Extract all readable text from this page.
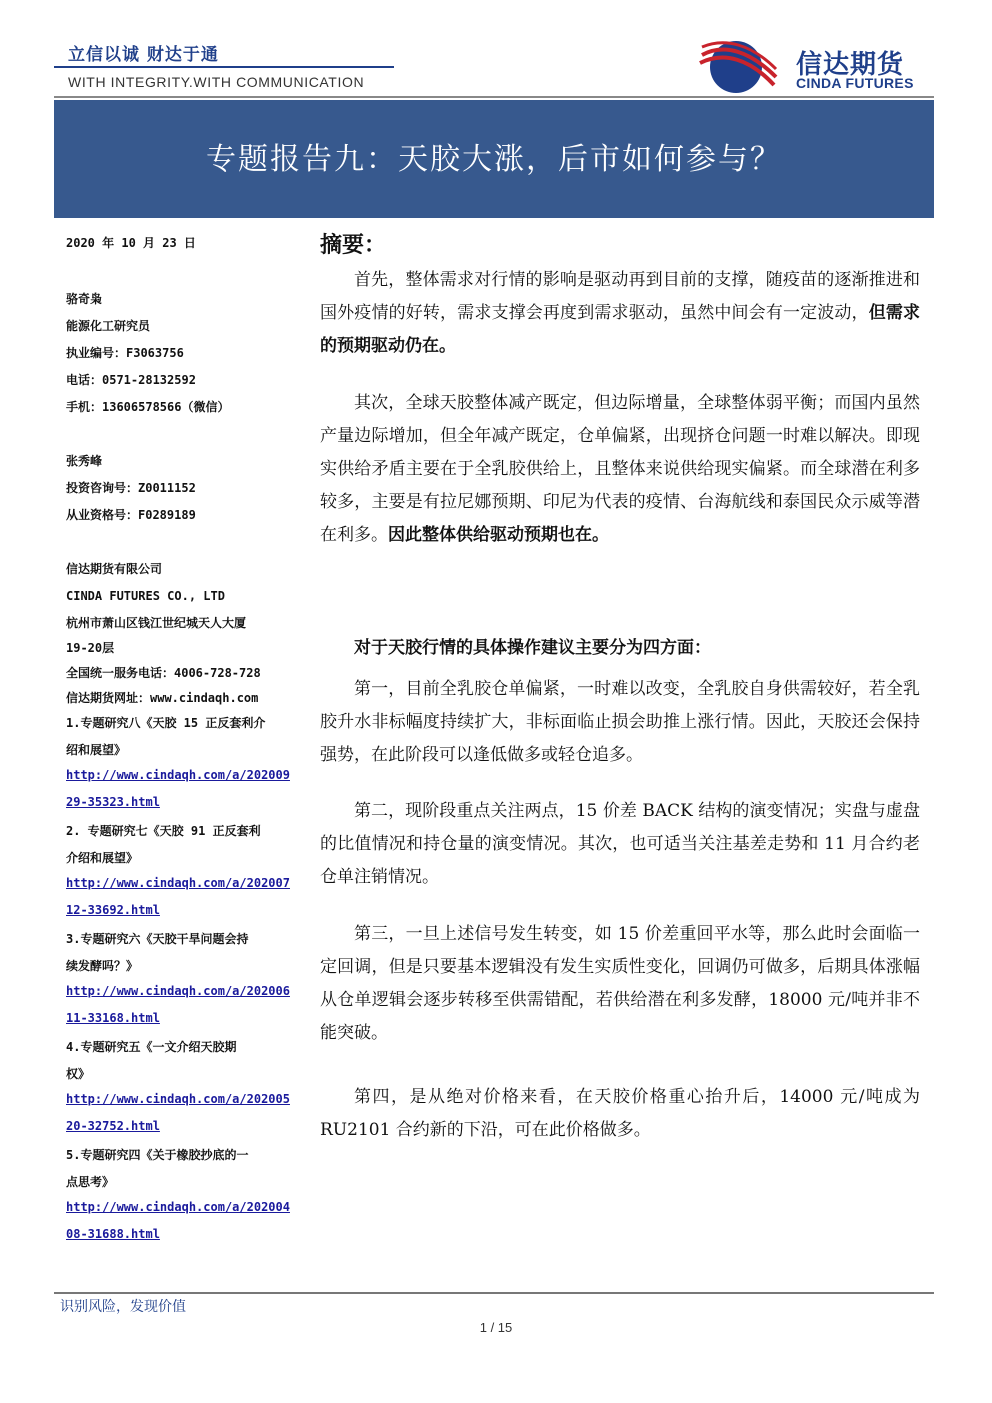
立信以诚 财达于通
WITH INTEGRITY.WITH COMMUNICATION
信达期货
CINDA FUTURES
专题报告九：天胶大涨，后市如何参与？
2020 年 10 月 23 日
骆奇枭
能源化工研究员
执业编号：F3063756
电话：0571-28132592
手机：13606578566（微信）
张秀峰
投资咨询号：Z0011152
从业资格号：F0289189
信达期货有限公司
CINDA FUTURES CO., LTD
杭州市萧山区钱江世纪城天人大厦
19-20层
全国统一服务电话：4006-728-728
信达期货网址：www.cindaqh.com
1.专题研究八《天胶 15 正反套利介
绍和展望》
http://www.cindaqh.com/a/202009
29-35323.html
2. 专题研究七《天胶 91 正反套利
介绍和展望》
http://www.cindaqh.com/a/202007
12-33692.html
3.专题研究六《天胶干旱问题会持
续发酵吗？》
http://www.cindaqh.com/a/202006
11-33168.html
4.专题研究五《一文介绍天胶期
权》
http://www.cindaqh.com/a/202005
20-32752.html
5.专题研究四《关于橡胶抄底的一
点思考》
http://www.cindaqh.com/a/202004
08-31688.html
摘要：

首先，整体需求对行情的影响是驱动再到目前的支撑，随疫苗的逐渐推进和国外疫情的好转，需求支撑会再度到需求驱动，虽然中间会有一定波动，但需求的预期驱动仍在。

其次，全球天胶整体减产既定，但边际增量，全球整体弱平衡；而国内虽然产量边际增加，但全年减产既定，仓单偏紧，出现挤仓问题一时难以解决。即现实供给矛盾主要在于全乳胶供给上，且整体来说供给现实偏紧。而全球潜在利多较多，主要是有拉尼娜预期、印尼为代表的疫情、台海航线和泰国民众示威等潜在利多。因此整体供给驱动预期也在。

对于天胶行情的具体操作建议主要分为四方面：

第一，目前全乳胶仓单偏紧，一时难以改变，全乳胶自身供需较好，若全乳胶升水非标幅度持续扩大，非标面临止损会助推上涨行情。因此，天胶还会保持强势，在此阶段可以逢低做多或轻仓追多。

第二，现阶段重点关注两点，15 价差 BACK 结构的演变情况；实盘与虚盘的比值情况和持仓量的演变情况。其次，也可适当关注基差走势和 11 月合约老仓单注销情况。

第三，一旦上述信号发生转变，如 15 价差重回平水等，那么此时会面临一定回调，但是只要基本逻辑没有发生实质性变化，回调仍可做多，后期具体涨幅从仓单逻辑会逐步转移至供需错配，若供给潜在利多发酵，18000 元/吨并非不能突破。

第四，是从绝对价格来看，在天胶价格重心抬升后，14000 元/吨成为 RU2101 合约新的下沿，可在此价格做多。

识别风险，发现价值
1 / 15
